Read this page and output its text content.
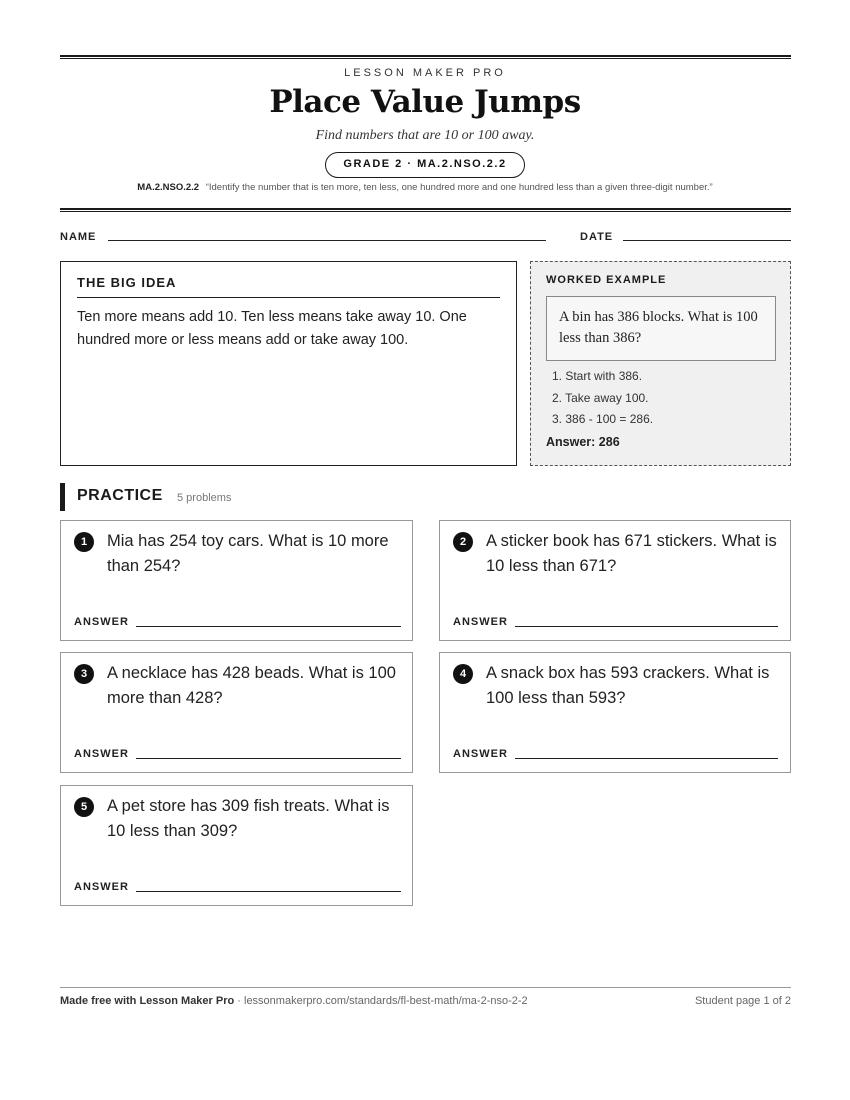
LESSON MAKER PRO
Place Value Jumps
Find numbers that are 10 or 100 away.
GRADE 2 · MA.2.NSO.2.2
MA.2.NSO.2.2 “Identify the number that is ten more, ten less, one hundred more and one hundred less than a given three-digit number.”
NAME	DATE
THE BIG IDEA
Ten more means add 10. Ten less means take away 10. One hundred more or less means add or take away 100.
WORKED EXAMPLE
A bin has 386 blocks. What is 100 less than 386?
1. Start with 386.
2. Take away 100.
3. 386 - 100 = 286.
Answer: 286
PRACTICE 5 problems
1	Mia has 254 toy cars. What is 10 more than 254?
ANSWER
2	A sticker book has 671 stickers. What is 10 less than 671?
ANSWER
3	A necklace has 428 beads. What is 100 more than 428?
ANSWER
4	A snack box has 593 crackers. What is 100 less than 593?
ANSWER
5	A pet store has 309 fish treats. What is 10 less than 309?
ANSWER
Made free with Lesson Maker Pro · lessonmakerpro.com/standards/fl-best-math/ma-2-nso-2-2	Student page 1 of 2
